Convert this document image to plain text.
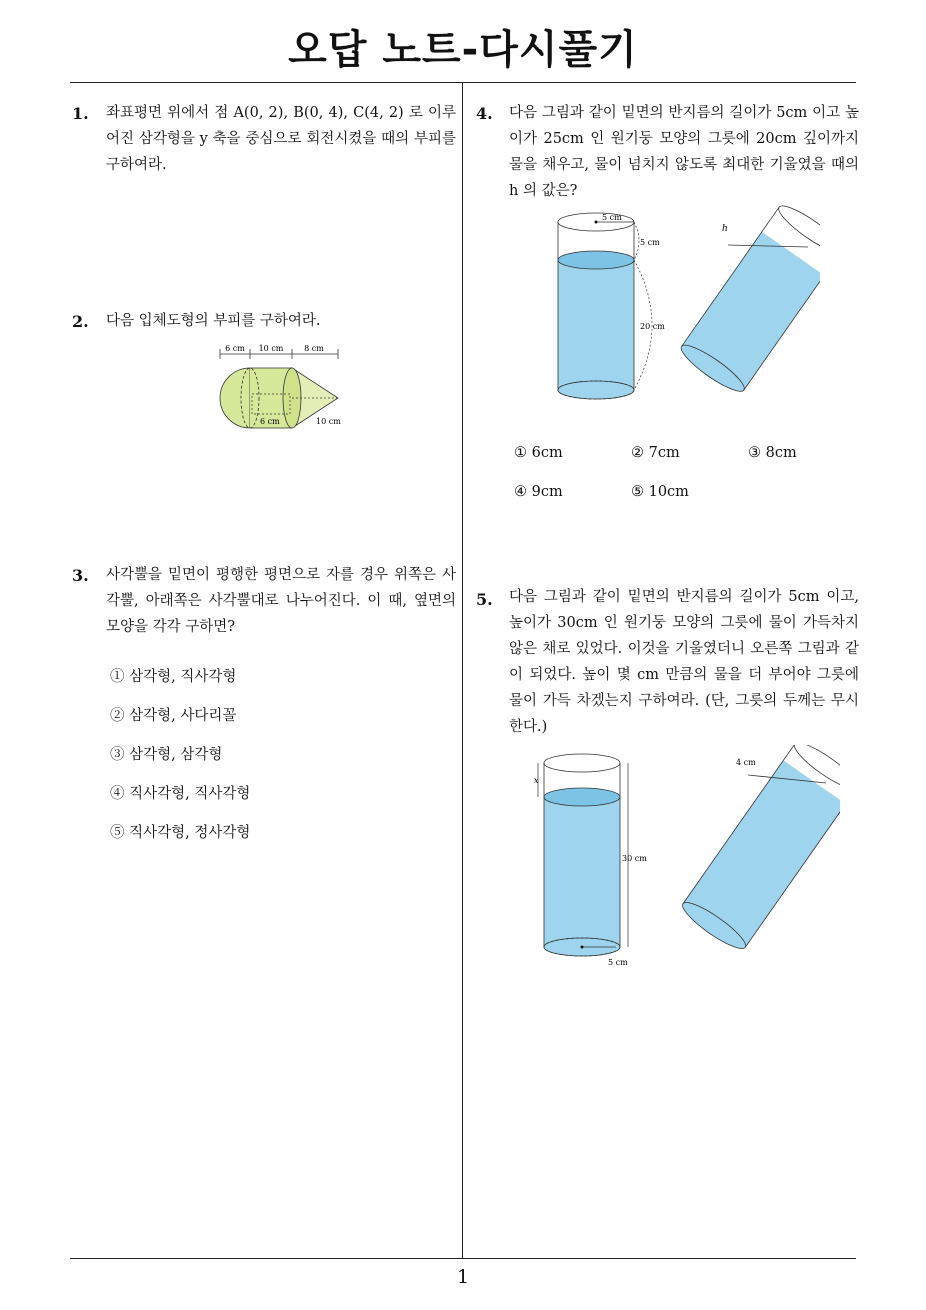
오답 노트-다시풀기
1
1. 좌표평면 위에서 점 A(0, 2), B(0, 4), C(4, 2) 로 이루어진 삼각형을 y 축을 중심으로 회전시켰을 때의 부피를 구하여라.
2. 다음 입체도형의 부피를 구하여라.
6 cm 10 cm	8 cm
6 cm	10 cm
3. 사각뿔을 밑면이 평행한 평면으로 자를 경우 위쪽은 사각뿔, 아래쪽은 사각뿔대로 나누어진다. 이 때, 옆면의 모양을 각각 구하면?
① 삼각형, 직사각형
② 삼각형, 사다리꼴
③ 삼각형, 삼각형
④ 직사각형, 직사각형
⑤ 직사각형, 정사각형
4. 다음 그림과 같이 밑면의 반지름의 길이가 5cm 이고 높이가 25cm 인 원기둥 모양의 그릇에 20cm 깊이까지 물을 채우고, 물이 넘치지 않도록 최대한 기울였을 때의 h 의 값은?
5 cm
5 cm
20 cm
h
① 6cm	② 7cm	③ 8cm
④ 9cm	⑤ 10cm
5. 다음 그림과 같이 밑면의 반지름의 길이가 5cm 이고, 높이가 30cm 인 원기둥 모양의 그릇에 물이 가득차지 않은 채로 있었다. 이것을 기울였더니 오른쪽 그림과 같이 되었다. 높이 몇 cm 만큼의 물을 더 부어야 그릇에 물이 가득 차겠는지 구하여라. (단, 그릇의 두께는 무시한다.)
x
30 cm
5 cm
4 cm
